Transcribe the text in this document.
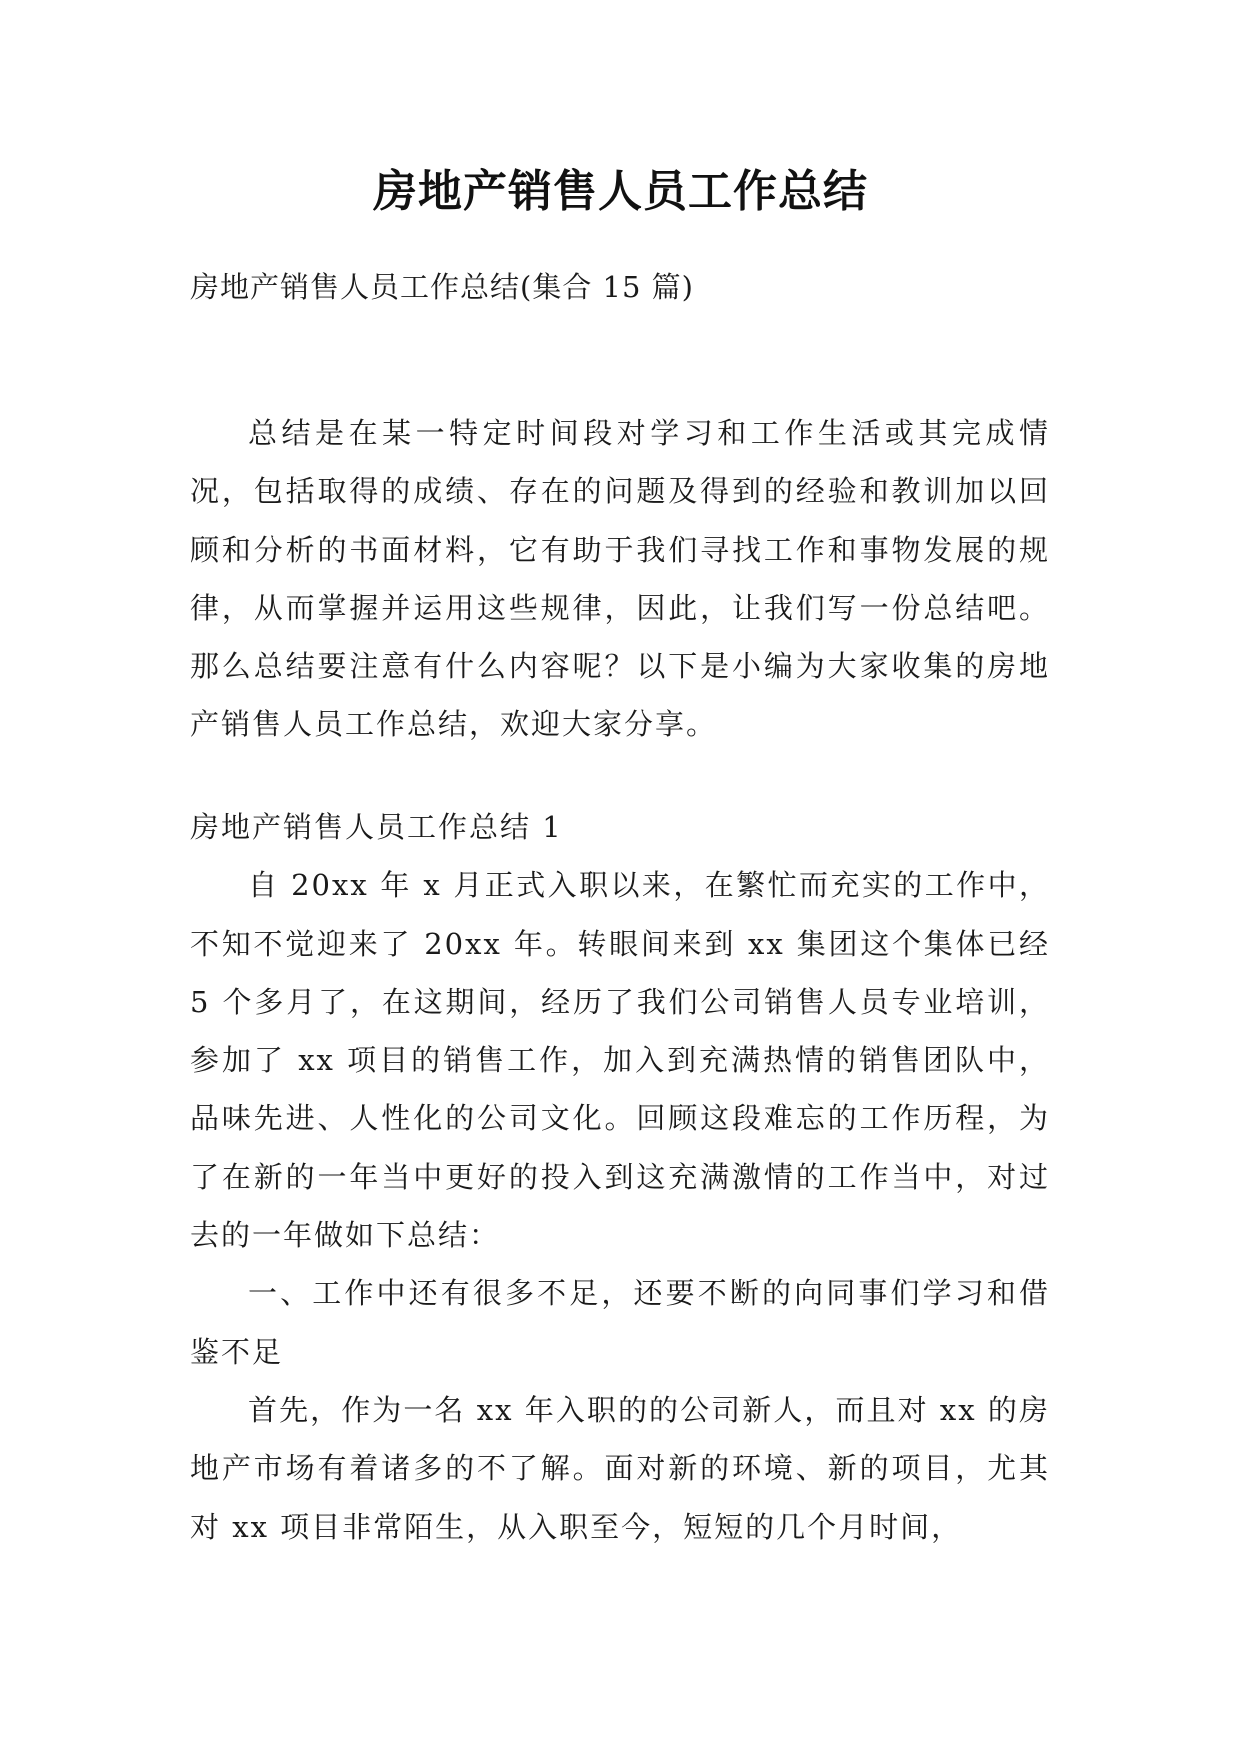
房地产销售人员工作总结
房地产销售人员工作总结(集合 15 篇)

总结是在某一特定时间段对学习和工作生活或其完成情况，包括取得的成绩、存在的问题及得到的经验和教训加以回顾和分析的书面材料，它有助于我们寻找工作和事物发展的规律，从而掌握并运用这些规律，因此，让我们写一份总结吧。那么总结要注意有什么内容呢？以下是小编为大家收集的房地产销售人员工作总结，欢迎大家分享。

房地产销售人员工作总结 1

自 20xx 年 x 月正式入职以来，在繁忙而充实的工作中，不知不觉迎来了 20xx 年。转眼间来到 xx 集团这个集体已经 5 个多月了，在这期间，经历了我们公司销售人员专业培训，参加了 xx 项目的销售工作，加入到充满热情的销售团队中，品味先进、人性化的公司文化。回顾这段难忘的工作历程，为了在新的一年当中更好的投入到这充满激情的工作当中，对过去的一年做如下总结：

一、工作中还有很多不足，还要不断的向同事们学习和借鉴不足

首先，作为一名 xx 年入职的的公司新人，而且对 xx 的房地产市场有着诸多的不了解。面对新的环境、新的项目，尤其对 xx 项目非常陌生，从入职至今，短短的几个月时间，
